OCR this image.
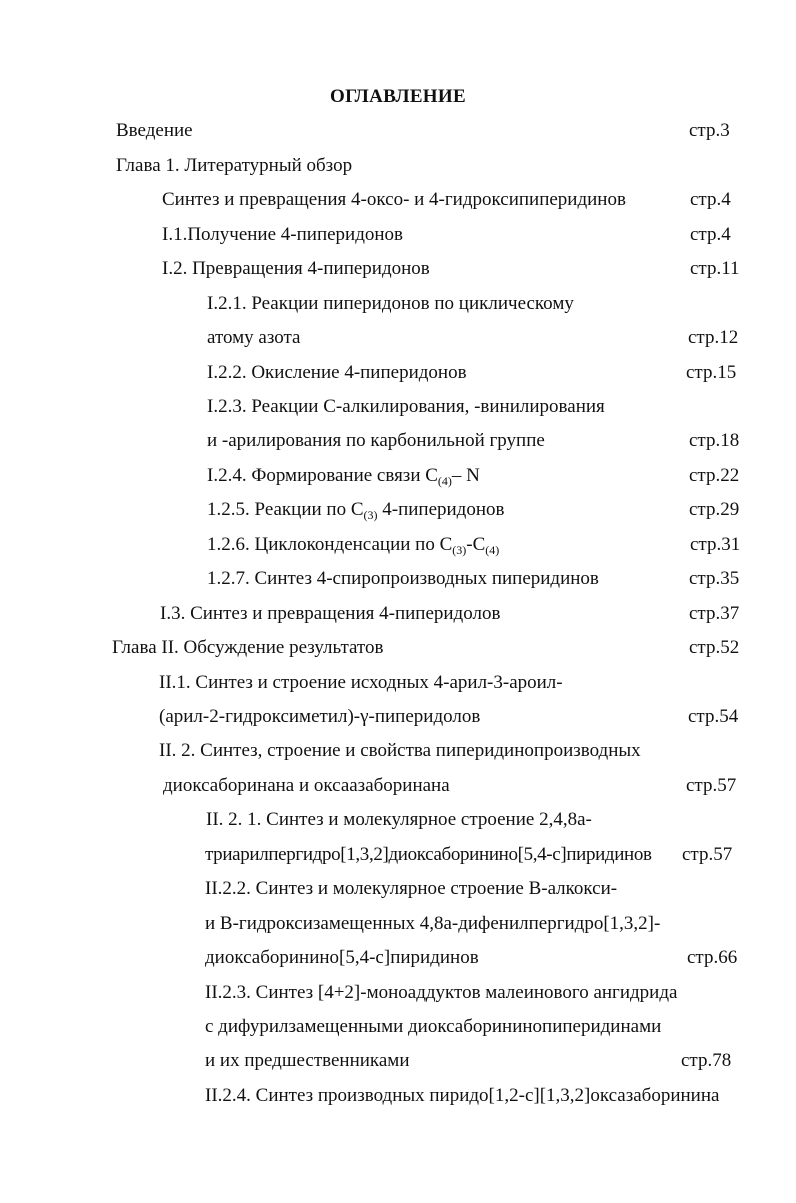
ОГЛАВЛЕНИЕ
Введение	стр.3
Глава 1. Литературный обзор
Синтез и превращения 4-оксо- и 4-гидроксипиперидинов	стр.4
I.1.Получение 4-пиперидонов	стр.4
I.2. Превращения 4-пиперидонов	стр.11
I.2.1. Реакции пиперидонов по циклическому
атому азота	стр.12
I.2.2. Окисление 4-пиперидонов	стр.15
I.2.3. Реакции С-алкилирования, -винилирования
и -арилирования по карбонильной группе	стр.18
I.2.4. Формирование связи $С_{(4)}-$ N	стр.22
1.2.5. Реакции по $С_{(3)}$ 4-пиперидонов	стр.29
1.2.6. Циклоконденсации по $С_{(3)}-С_{(4)}$	стр.31
1.2.7. Синтез 4-спиропроизводных пиперидинов	стр.35
I.3. Синтез и превращения 4-пиперидолов	стр.37
Глава II. Обсуждение результатов	стр.52
II.1. Синтез и строение исходных 4-арил-3-ароил-
(арил-2-гидроксиметил)-γ-пиперидолов	стр.54
II. 2. Синтез, строение и свойства пиперидинопроизводных
диоксаборинана и оксаазаборинана	стр.57
II. 2. 1. Синтез и молекулярное строение 2,4,8а-
триарилпергидро[1,3,2]диоксаборинино[5,4-с]пиридинов стр.57
II.2.2. Синтез и молекулярное строение В-алкокси-
и В-гидроксизамещенных 4,8а-дифенилпергидро[1,3,2]-
диоксаборинино[5,4-с]пиридинов	стр.66
II.2.3. Синтез [4+2]-моноаддуктов малеинового ангидрида
с дифурилзамещенными диоксаборининопиперидинами
и их предшественниками	стр.78
II.2.4. Синтез производных пиридо[1,2-с][1,3,2]оксазаборинина
